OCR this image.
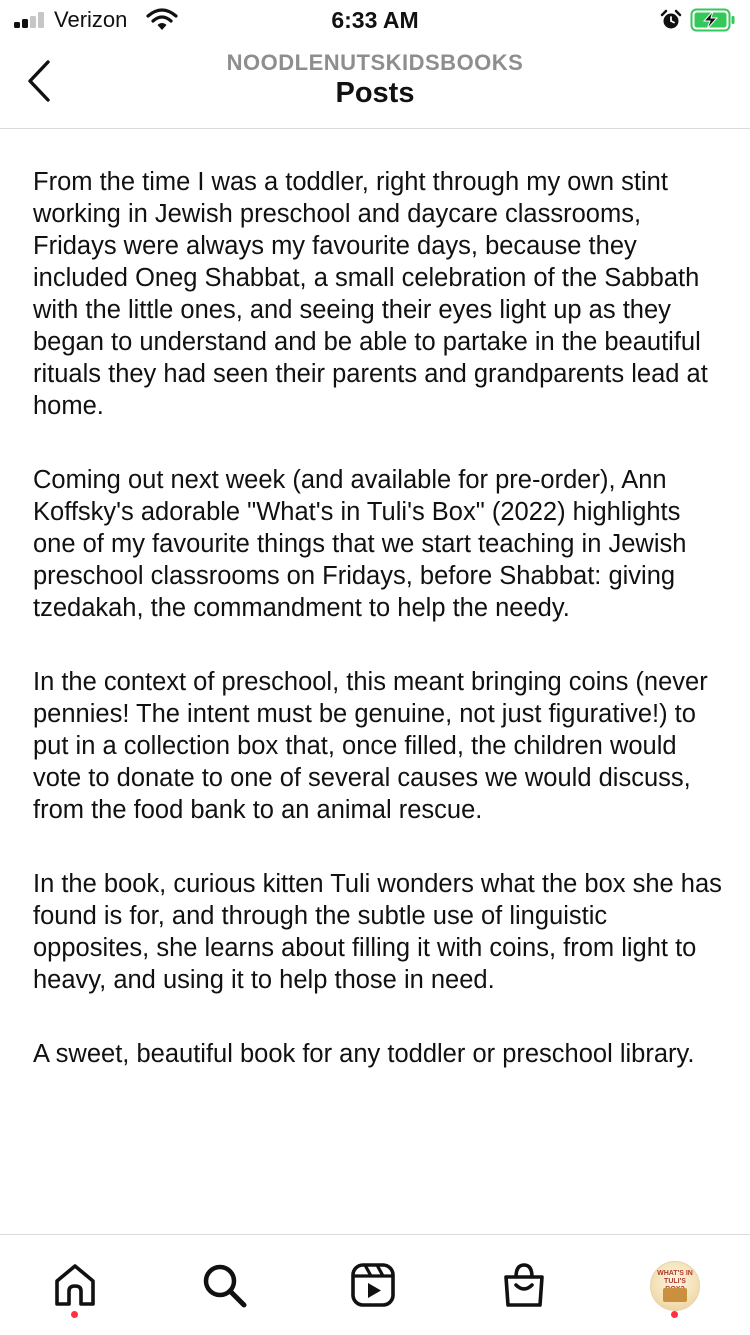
Verizon	6:33 AM
NOODLENUTSKIDSBOOKS
Posts

From the time I was a toddler, right through my own stint working in Jewish preschool and daycare classrooms, Fridays were always my favourite days, because they included Oneg Shabbat, a small celebration of the Sabbath with the little ones, and seeing their eyes light up as they began to understand and be able to partake in the beautiful rituals they had seen their parents and grandparents lead at home.

Coming out next week (and available for pre-order), Ann Koffsky's adorable "What's in Tuli's Box" (2022) highlights one of my favourite things that we start teaching in Jewish preschool classrooms on Fridays, before Shabbat: giving tzedakah, the commandment to help the needy.

In the context of preschool, this meant bringing coins (never pennies! The intent must be genuine, not just figurative!) to put in a collection box that, once filled, the children would vote to donate to one of several causes we would discuss, from the food bank to an animal rescue.

In the book, curious kitten Tuli wonders what the box she has found is for, and through the subtle use of linguistic opposites, she learns about filling it with coins, from light to heavy, and using it to help those in need.

A sweet, beautiful book for any toddler or preschool library.

WHAT'S IN TULI'S
